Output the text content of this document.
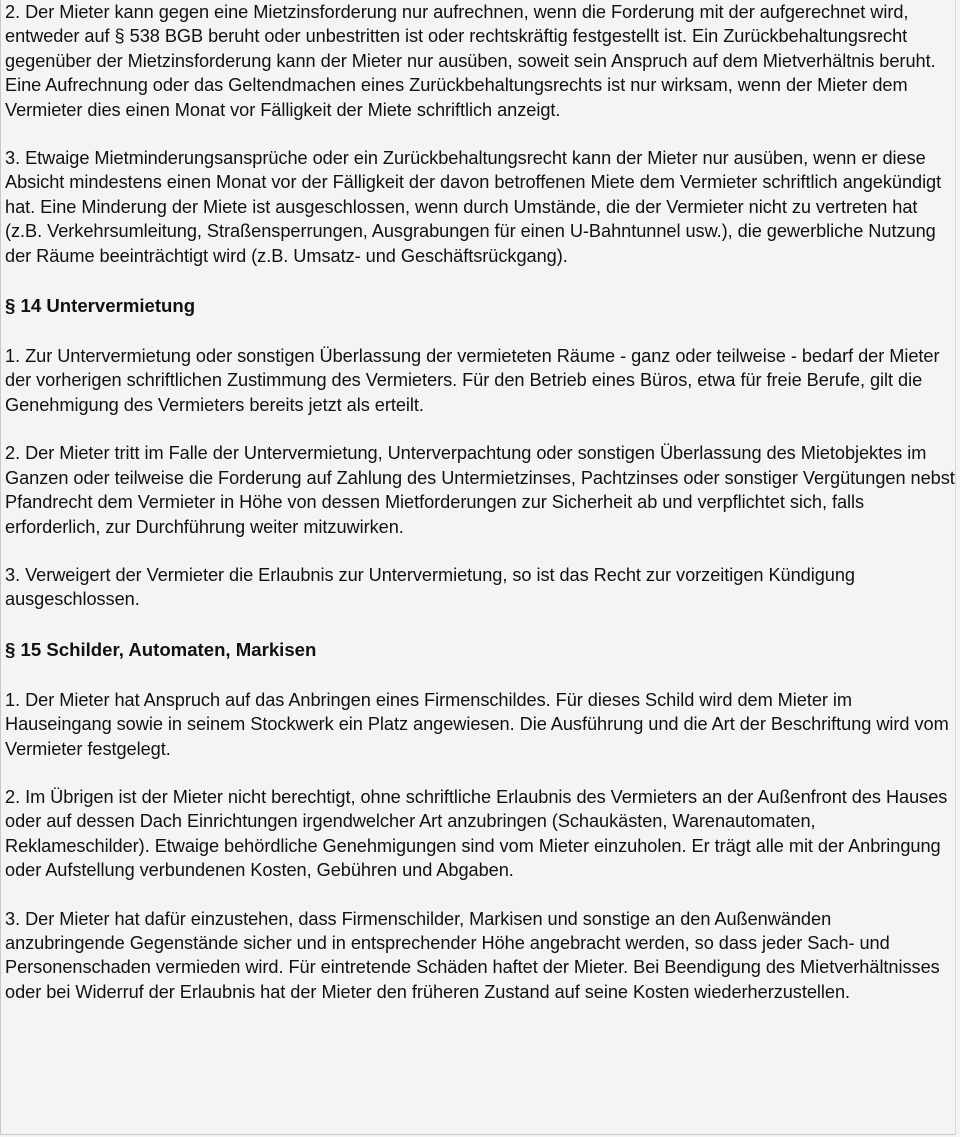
2. Der Mieter kann gegen eine Mietzinsforderung nur aufrechnen, wenn die Forderung mit der aufgerechnet wird, entweder auf § 538 BGB beruht oder unbestritten ist oder rechtskräftig festgestellt ist. Ein Zurückbehaltungsrecht gegenüber der Mietzinsforderung kann der Mieter nur ausüben, soweit sein Anspruch auf dem Mietverhältnis beruht. Eine Aufrechnung oder das Geltendmachen eines Zurückbehaltungsrechts ist nur wirksam, wenn der Mieter dem Vermieter dies einen Monat vor Fälligkeit der Miete schriftlich anzeigt.

3. Etwaige Mietminderungsansprüche oder ein Zurückbehaltungsrecht kann der Mieter nur ausüben, wenn er diese Absicht mindestens einen Monat vor der Fälligkeit der davon betroffenen Miete dem Vermieter schriftlich angekündigt hat. Eine Minderung der Miete ist ausgeschlossen, wenn durch Umstände, die der Vermieter nicht zu vertreten hat (z.B. Verkehrsumleitung, Straßensperrungen, Ausgrabungen für einen U-Bahntunnel usw.), die gewerbliche Nutzung der Räume beeinträchtigt wird (z.B. Umsatz- und Geschäftsrückgang).

§ 14 Untervermietung

1. Zur Untervermietung oder sonstigen Überlassung der vermieteten Räume - ganz oder teilweise - bedarf der Mieter der vorherigen schriftlichen Zustimmung des Vermieters. Für den Betrieb eines Büros, etwa für freie Berufe, gilt die Genehmigung des Vermieters bereits jetzt als erteilt.

2. Der Mieter tritt im Falle der Untervermietung, Unterverpachtung oder sonstigen Überlassung des Mietobjektes im Ganzen oder teilweise die Forderung auf Zahlung des Untermietzinses, Pachtzinses oder sonstiger Vergütungen nebst Pfandrecht dem Vermieter in Höhe von dessen Mietforderungen zur Sicherheit ab und verpflichtet sich, falls erforderlich, zur Durchführung weiter mitzuwirken.

3. Verweigert der Vermieter die Erlaubnis zur Untervermietung, so ist das Recht zur vorzeitigen Kündigung ausgeschlossen.

§ 15 Schilder, Automaten, Markisen

1. Der Mieter hat Anspruch auf das Anbringen eines Firmenschildes. Für dieses Schild wird dem Mieter im Hauseingang sowie in seinem Stockwerk ein Platz angewiesen. Die Ausführung und die Art der Beschriftung wird vom Vermieter festgelegt.

2. Im Übrigen ist der Mieter nicht berechtigt, ohne schriftliche Erlaubnis des Vermieters an der Außenfront des Hauses oder auf dessen Dach Einrichtungen irgendwelcher Art anzubringen (Schaukästen, Warenautomaten, Reklameschilder). Etwaige behördliche Genehmigungen sind vom Mieter einzuholen. Er trägt alle mit der Anbringung oder Aufstellung verbundenen Kosten, Gebühren und Abgaben.

3. Der Mieter hat dafür einzustehen, dass Firmenschilder, Markisen und sonstige an den Außenwänden anzubringende Gegenstände sicher und in entsprechender Höhe angebracht werden, so dass jeder Sach- und Personenschaden vermieden wird. Für eintretende Schäden haftet der Mieter. Bei Beendigung des Mietverhältnisses oder bei Widerruf der Erlaubnis hat der Mieter den früheren Zustand auf seine Kosten wiederherzustellen.
